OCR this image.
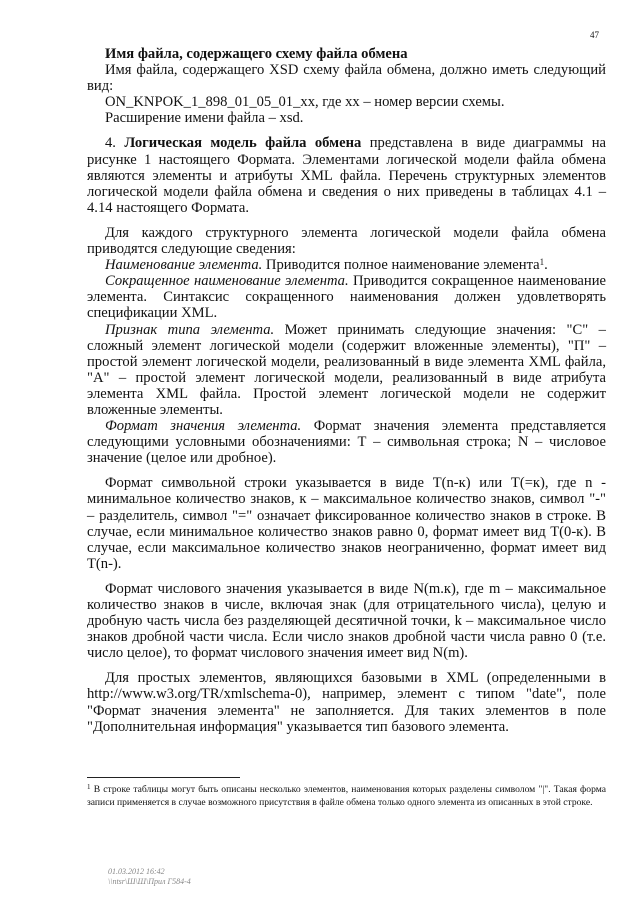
47

Имя файла, содержащего схему файла обмена

Имя файла, содержащего XSD схему файла обмена, должно иметь следующий вид:

ON_KNPOK_1_898_01_05_01_xx, где xx – номер версии схемы.

Расширение имени файла – xsd.

4. Логическая модель файла обмена представлена в виде диаграммы на рисунке 1 настоящего Формата. Элементами логической модели файла обмена являются элементы и атрибуты XML файла. Перечень структурных элементов логической модели файла обмена и сведения о них приведены в таблицах 4.1 – 4.14 настоящего Формата.

Для каждого структурного элемента логической модели файла обмена приводятся следующие сведения:

Наименование элемента. Приводится полное наименование элемента$^1$.

Сокращенное наименование элемента. Приводится сокращенное наименование элемента. Синтаксис сокращенного наименования должен удовлетворять спецификации XML.

Признак типа элемента. Может принимать следующие значения: "С" – сложный элемент логической модели (содержит вложенные элементы), "П" – простой элемент логической модели, реализованный в виде элемента XML файла, "А" – простой элемент логической модели, реализованный в виде атрибута элемента XML файла. Простой элемент логической модели не содержит вложенные элементы.

Формат значения элемента. Формат значения элемента представляется следующими условными обозначениями: Т – символьная строка; N – числовое значение (целое или дробное).

Формат символьной строки указывается в виде Т(n-к) или Т(=к), где n - минимальное количество знаков, к – максимальное количество знаков, символ "-" – разделитель, символ "=" означает фиксированное количество знаков в строке. В случае, если минимальное количество знаков равно 0, формат имеет вид Т(0-к). В случае, если максимальное количество знаков неограниченно, формат имеет вид Т(n-).

Формат числового значения указывается в виде N(m.к), где m – максимальное количество знаков в числе, включая знак (для отрицательного числа), целую и дробную часть числа без разделяющей десятичной точки, k – максимальное число знаков дробной части числа. Если число знаков дробной части числа равно 0 (т.е. число целое), то формат числового значения имеет вид N(m).

Для простых элементов, являющихся базовыми в XML (определенными в http://www.w3.org/TR/xmlschema-0), например, элемент с типом "date", поле "Формат значения элемента" не заполняется. Для таких элементов в поле "Дополнительная информация" указывается тип базового элемента.

$^1$ В строке таблицы могут быть описаны несколько элементов, наименования которых разделены символом "|". Такая форма записи применяется в случае возможного присутствия в файле обмена только одного элемента из описанных в этой строке.
01.03.2012 16:42
\\ntsr\Ш\Ш\Прил Г584-4
